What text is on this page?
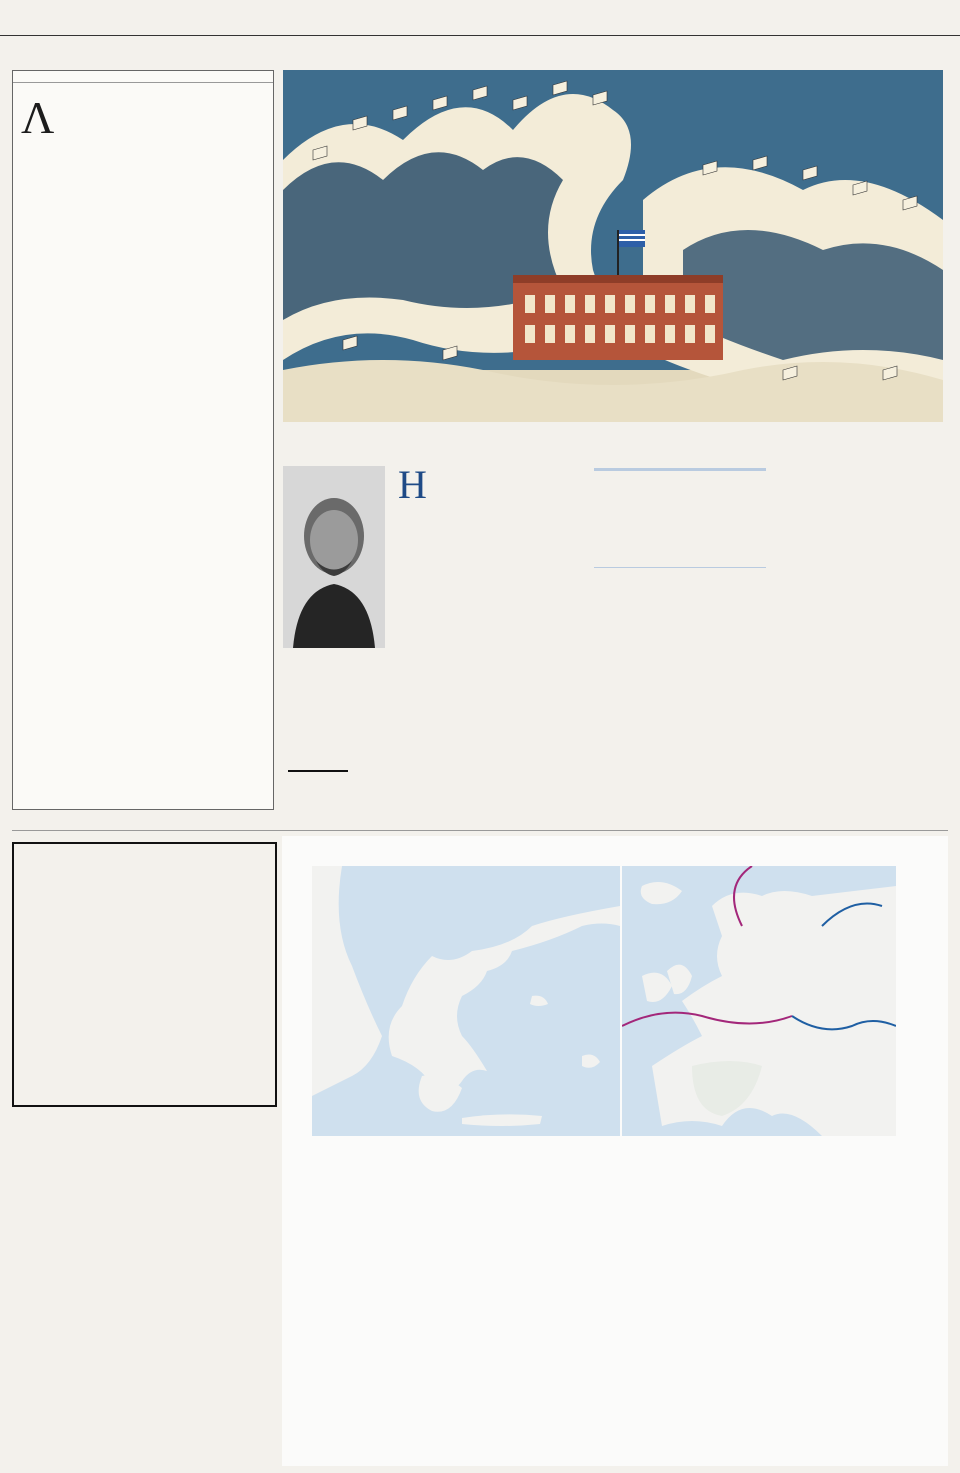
Λ

Η
